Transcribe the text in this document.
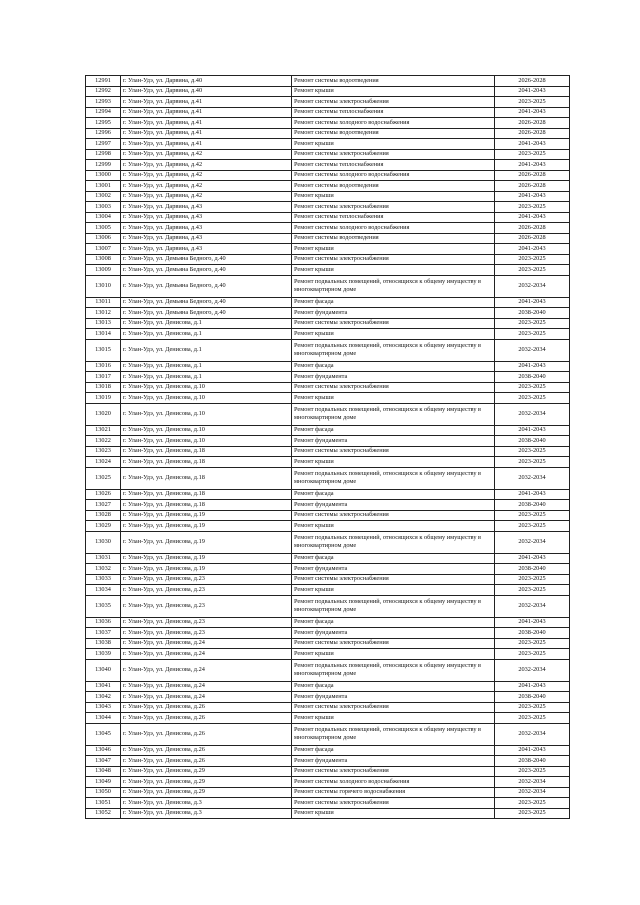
12991	г. Улан-Удэ, ул. Дарвина, д.40	Ремонт системы водоотведения	2026-2028
12992	г. Улан-Удэ, ул. Дарвина, д.40	Ремонт крыши	2041-2043
12993	г. Улан-Удэ, ул. Дарвина, д.41	Ремонт системы электроснабжения	2023-2025
12994	г. Улан-Удэ, ул. Дарвина, д.41	Ремонт системы теплоснабжения	2041-2043
12995	г. Улан-Удэ, ул. Дарвина, д.41	Ремонт системы холодного водоснабжения	2026-2028
12996	г. Улан-Удэ, ул. Дарвина, д.41	Ремонт системы водоотведения	2026-2028
12997	г. Улан-Удэ, ул. Дарвина, д.41	Ремонт крыши	2041-2043
12998	г. Улан-Удэ, ул. Дарвина, д.42	Ремонт системы электроснабжения	2023-2025
12999	г. Улан-Удэ, ул. Дарвина, д.42	Ремонт системы теплоснабжения	2041-2043
13000	г. Улан-Удэ, ул. Дарвина, д.42	Ремонт системы холодного водоснабжения	2026-2028
13001	г. Улан-Удэ, ул. Дарвина, д.42	Ремонт системы водоотведения	2026-2028
13002	г. Улан-Удэ, ул. Дарвина, д.42	Ремонт крыши	2041-2043
13003	г. Улан-Удэ, ул. Дарвина, д.43	Ремонт системы электроснабжения	2023-2025
13004	г. Улан-Удэ, ул. Дарвина, д.43	Ремонт системы теплоснабжения	2041-2043
13005	г. Улан-Удэ, ул. Дарвина, д.43	Ремонт системы холодного водоснабжения	2026-2028
13006	г. Улан-Удэ, ул. Дарвина, д.43	Ремонт системы водоотведения	2026-2028
13007	г. Улан-Удэ, ул. Дарвина, д.43	Ремонт крыши	2041-2043
13008	г. Улан-Удэ, ул. Демьяна Бедного, д.40	Ремонт системы электроснабжения	2023-2025
13009	г. Улан-Удэ, ул. Демьяна Бедного, д.40	Ремонт крыши	2023-2025
13010	г. Улан-Удэ, ул. Демьяна Бедного, д.40	Ремонт подвальных помещений, относящихся к общему имуществу в многоквартирном доме	2032-2034
13011	г. Улан-Удэ, ул. Демьяна Бедного, д.40	Ремонт фасада	2041-2043
13012	г. Улан-Удэ, ул. Демьяна Бедного, д.40	Ремонт фундамента	2038-2040
13013	г. Улан-Удэ, ул. Денисова, д.1	Ремонт системы электроснабжения	2023-2025
13014	г. Улан-Удэ, ул. Денисова, д.1	Ремонт крыши	2023-2025
13015	г. Улан-Удэ, ул. Денисова, д.1	Ремонт подвальных помещений, относящихся к общему имуществу в многоквартирном доме	2032-2034
13016	г. Улан-Удэ, ул. Денисова, д.1	Ремонт фасада	2041-2043
13017	г. Улан-Удэ, ул. Денисова, д.1	Ремонт фундамента	2038-2040
13018	г. Улан-Удэ, ул. Денисова, д.10	Ремонт системы электроснабжения	2023-2025
13019	г. Улан-Удэ, ул. Денисова, д.10	Ремонт крыши	2023-2025
13020	г. Улан-Удэ, ул. Денисова, д.10	Ремонт подвальных помещений, относящихся к общему имуществу в многоквартирном доме	2032-2034
13021	г. Улан-Удэ, ул. Денисова, д.10	Ремонт фасада	2041-2043
13022	г. Улан-Удэ, ул. Денисова, д.10	Ремонт фундамента	2038-2040
13023	г. Улан-Удэ, ул. Денисова, д.18	Ремонт системы электроснабжения	2023-2025
13024	г. Улан-Удэ, ул. Денисова, д.18	Ремонт крыши	2023-2025
13025	г. Улан-Удэ, ул. Денисова, д.18	Ремонт подвальных помещений, относящихся к общему имуществу в многоквартирном доме	2032-2034
13026	г. Улан-Удэ, ул. Денисова, д.18	Ремонт фасада	2041-2043
13027	г. Улан-Удэ, ул. Денисова, д.18	Ремонт фундамента	2038-2040
13028	г. Улан-Удэ, ул. Денисова, д.19	Ремонт системы электроснабжения	2023-2025
13029	г. Улан-Удэ, ул. Денисова, д.19	Ремонт крыши	2023-2025
13030	г. Улан-Удэ, ул. Денисова, д.19	Ремонт подвальных помещений, относящихся к общему имуществу в многоквартирном доме	2032-2034
13031	г. Улан-Удэ, ул. Денисова, д.19	Ремонт фасада	2041-2043
13032	г. Улан-Удэ, ул. Денисова, д.19	Ремонт фундамента	2038-2040
13033	г. Улан-Удэ, ул. Денисова, д.23	Ремонт системы электроснабжения	2023-2025
13034	г. Улан-Удэ, ул. Денисова, д.23	Ремонт крыши	2023-2025
13035	г. Улан-Удэ, ул. Денисова, д.23	Ремонт подвальных помещений, относящихся к общему имуществу в многоквартирном доме	2032-2034
13036	г. Улан-Удэ, ул. Денисова, д.23	Ремонт фасада	2041-2043
13037	г. Улан-Удэ, ул. Денисова, д.23	Ремонт фундамента	2038-2040
13038	г. Улан-Удэ, ул. Денисова, д.24	Ремонт системы электроснабжения	2023-2025
13039	г. Улан-Удэ, ул. Денисова, д.24	Ремонт крыши	2023-2025
13040	г. Улан-Удэ, ул. Денисова, д.24	Ремонт подвальных помещений, относящихся к общему имуществу в многоквартирном доме	2032-2034
13041	г. Улан-Удэ, ул. Денисова, д.24	Ремонт фасада	2041-2043
13042	г. Улан-Удэ, ул. Денисова, д.24	Ремонт фундамента	2038-2040
13043	г. Улан-Удэ, ул. Денисова, д.26	Ремонт системы электроснабжения	2023-2025
13044	г. Улан-Удэ, ул. Денисова, д.26	Ремонт крыши	2023-2025
13045	г. Улан-Удэ, ул. Денисова, д.26	Ремонт подвальных помещений, относящихся к общему имуществу в многоквартирном доме	2032-2034
13046	г. Улан-Удэ, ул. Денисова, д.26	Ремонт фасада	2041-2043
13047	г. Улан-Удэ, ул. Денисова, д.26	Ремонт фундамента	2038-2040
13048	г. Улан-Удэ, ул. Денисова, д.29	Ремонт системы электроснабжения	2023-2025
13049	г. Улан-Удэ, ул. Денисова, д.29	Ремонт системы холодного водоснабжения	2032-2034
13050	г. Улан-Удэ, ул. Денисова, д.29	Ремонт системы горячего водоснабжения	2032-2034
13051	г. Улан-Удэ, ул. Денисова, д.3	Ремонт системы электроснабжения	2023-2025
13052	г. Улан-Удэ, ул. Денисова, д.3	Ремонт крыши	2023-2025
